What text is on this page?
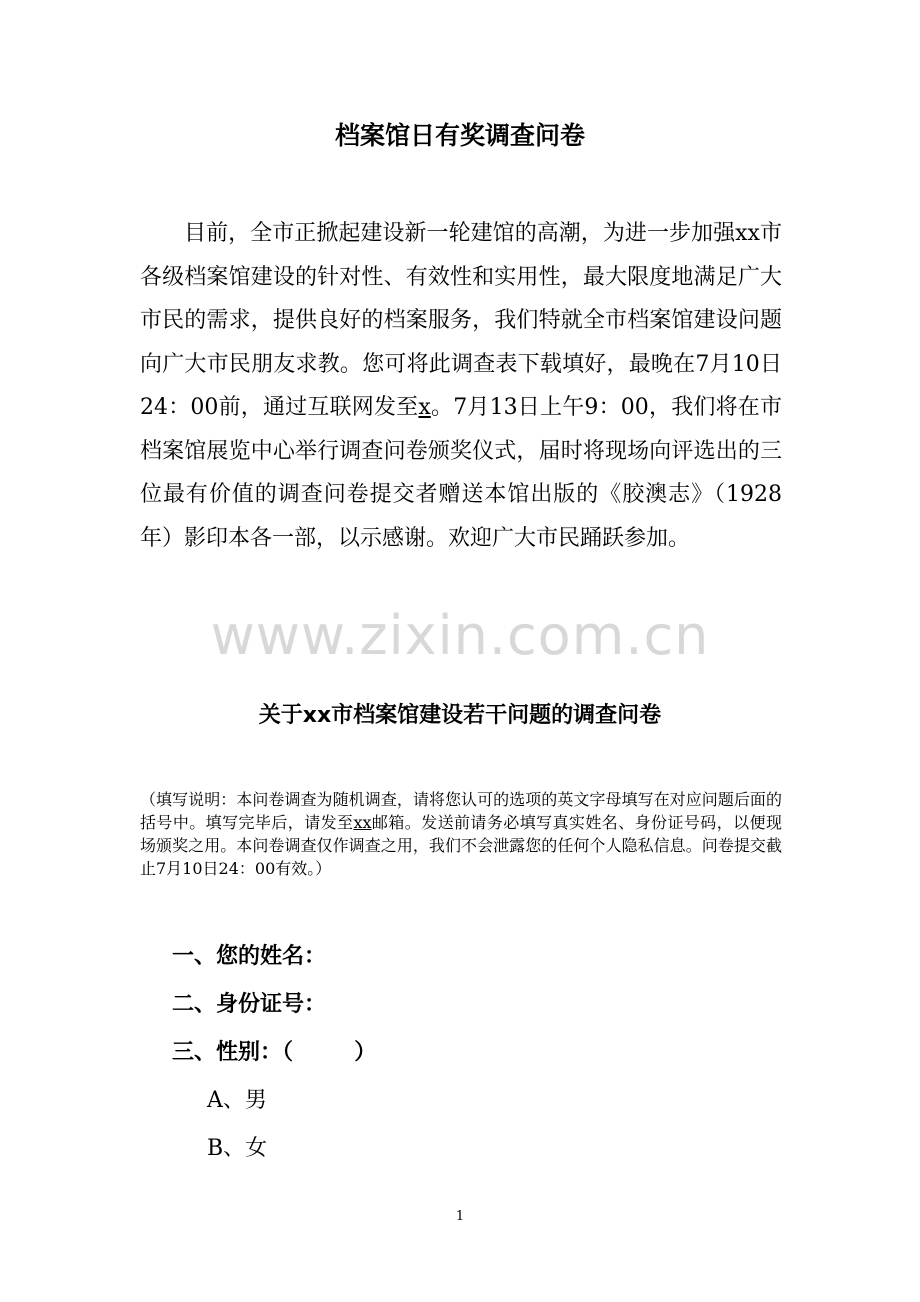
档案馆日有奖调查问卷

目前，全市正掀起建设新一轮建馆的高潮，为进一步加强xx市各级档案馆建设的针对性、有效性和实用性，最大限度地满足广大市民的需求，提供良好的档案服务，我们特就全市档案馆建设问题向广大市民朋友求教。您可将此调查表下载填好，最晚在7月10日24：00前，通过互联网发至x。7月13日上午9：00，我们将在市档案馆展览中心举行调查问卷颁奖仪式，届时将现场向评选出的三位最有价值的调查问卷提交者赠送本馆出版的《胶澳志》（1928年）影印本各一部，以示感谢。欢迎广大市民踊跃参加。

www.zixin.com.cn
关于xx市档案馆建设若干问题的调查问卷

（填写说明：本问卷调查为随机调查，请将您认可的选项的英文字母填写在对应问题后面的括号中。填写完毕后，请发至xx邮箱。发送前请务必填写真实姓名、身份证号码，以便现场颁奖之用。本问卷调查仅作调查之用，我们不会泄露您的任何个人隐私信息。问卷提交截止7月10日24：00有效。）

一、您的姓名：

二、身份证号：

三、性别：（        ）

A、男

B、女

1
